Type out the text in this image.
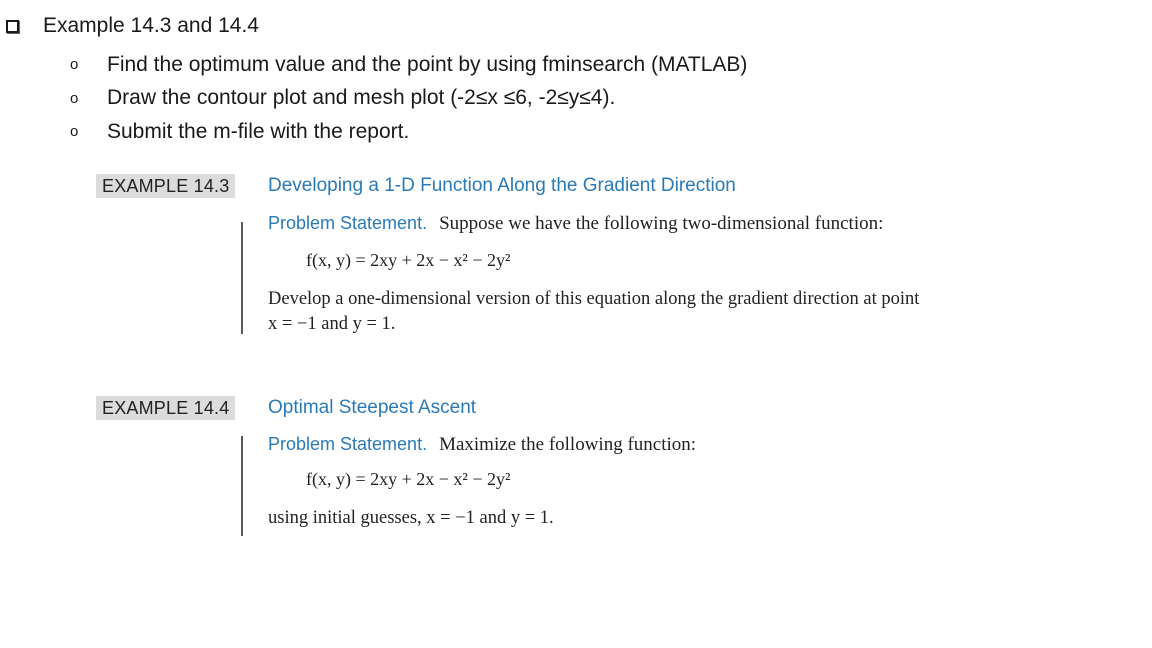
Example 14.3 and 14.4
o	Find the optimum value and the point by using fminsearch (MATLAB)
o	Draw the contour plot and mesh plot (-2≤x ≤6, -2≤y≤4).
o	Submit the m-file with the report.
EXAMPLE 14.3	Developing a 1-D Function Along the Gradient Direction
Problem Statement. Suppose we have the following two-dimensional function:
f(x, y) = 2xy + 2x − x² − 2y²
Develop a one-dimensional version of this equation along the gradient direction at point
x = −1 and y = 1.
EXAMPLE 14.4	Optimal Steepest Ascent
Problem Statement. Maximize the following function:
f(x, y) = 2xy + 2x − x² − 2y²
using initial guesses, x = −1 and y = 1.
